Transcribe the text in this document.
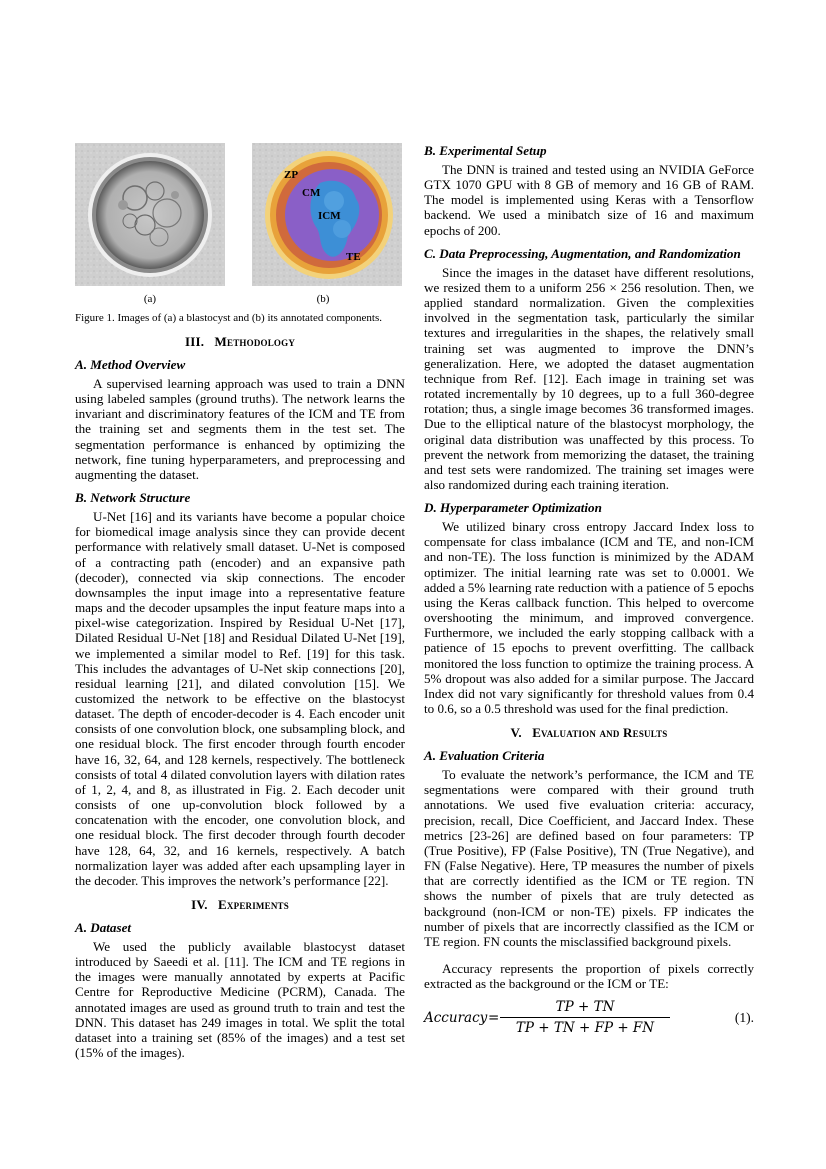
ZP
CM
ICM
TE
(a)	(b)

Figure 1. Images of (a) a blastocyst and (b) its annotated components.

III. Methodology
A. Method Overview

A supervised learning approach was used to train a DNN using labeled samples (ground truths). The network learns the invariant and discriminatory features of the ICM and TE from the training set and segments them in the test set. The segmentation performance is enhanced by optimizing the network, fine tuning hyperparameters, and preprocessing and augmenting the dataset.

B. Network Structure

U-Net [16] and its variants have become a popular choice for biomedical image analysis since they can provide decent performance with relatively small dataset. U-Net is composed of a contracting path (encoder) and an expansive path (decoder), connected via skip connections. The encoder downsamples the input image into a representative feature maps and the decoder upsamples the input feature maps into a pixel-wise categorization. Inspired by Residual U-Net [17], Dilated Residual U-Net [18] and Residual Dilated U-Net [19], we implemented a similar model to Ref. [19] for this task. This includes the advantages of U-Net skip connections [20], residual learning [21], and dilated convolution [15]. We customized the network to be effective on the blastocyst dataset. The depth of encoder-decoder is 4. Each encoder unit consists of one convolution block, one subsampling block, and one residual block. The first encoder through fourth encoder have 16, 32, 64, and 128 kernels, respectively. The bottleneck consists of total 4 dilated convolution layers with dilation rates of 1, 2, 4, and 8, as illustrated in Fig. 2. Each decoder unit consists of one up-convolution block followed by a concatenation with the encoder, one convolution block, and one residual block. The first decoder through fourth decoder have 128, 64, 32, and 16 kernels, respectively. A batch normalization layer was added after each upsampling layer in the decoder. This improves the network’s performance [22].

IV. Experiments
A. Dataset

We used the publicly available blastocyst dataset introduced by Saeedi et al. [11]. The ICM and TE regions in the images were manually annotated by experts at Pacific Centre for Reproductive Medicine (PCRM), Canada. The annotated images are used as ground truth to train and test the DNN. This dataset has 249 images in total. We split the total dataset into a training set (85% of the images) and a test set (15% of the images).

B. Experimental Setup

The DNN is trained and tested using an NVIDIA GeForce GTX 1070 GPU with 8 GB of memory and 16 GB of RAM. The model is implemented using Keras with a Tensorflow backend. We used a minibatch size of 16 and maximum epochs of 200.

C. Data Preprocessing, Augmentation, and Randomization

Since the images in the dataset have different resolutions, we resized them to a uniform 256 × 256 resolution. Then, we applied standard normalization. Given the complexities involved in the segmentation task, particularly the similar textures and irregularities in the shapes, the relatively small training set was augmented to improve the DNN’s generalization. Here, we adopted the dataset augmentation technique from Ref. [12]. Each image in training set was rotated incrementally by 10 degrees, up to a full 360-degree rotation; thus, a single image becomes 36 transformed images. Due to the elliptical nature of the blastocyst morphology, the original data distribution was unaffected by this process. To prevent the network from memorizing the dataset, the training and test sets were randomized. The training set images were also randomized during each training iteration.

D. Hyperparameter Optimization

We utilized binary cross entropy Jaccard Index loss to compensate for class imbalance (ICM and TE, and non-ICM and non-TE). The loss function is minimized by the ADAM optimizer. The initial learning rate was set to 0.0001. We added a 5% learning rate reduction with a patience of 5 epochs using the Keras callback function. This helped to overcome overshooting the minimum, and improved convergence. Furthermore, we included the early stopping callback with a patience of 15 epochs to prevent overfitting. The callback monitored the loss function to optimize the training process. A 5% dropout was also added for a similar purpose. The Jaccard Index did not vary significantly for threshold values from 0.4 to 0.6, so a 0.5 threshold was used for the final prediction.

V. Evaluation and Results
A. Evaluation Criteria

To evaluate the network’s performance, the ICM and TE segmentations were compared with their ground truth annotations. We used five evaluation criteria: accuracy, precision, recall, Dice Coefficient, and Jaccard Index. These metrics [23-26] are defined based on four parameters: TP (True Positive), FP (False Positive), TN (True Negative), and FN (False Negative). Here, TP measures the number of pixels that are correctly identified as the ICM or TE region. TN shows the number of pixels that are truly detected as background (non-ICM or non-TE) pixels. FP indicates the number of pixels that are incorrectly classified as the ICM or TE region. FN counts the misclassified background pixels.

Accuracy represents the proportion of pixels correctly extracted as the background or the ICM or TE:

Accuracy = $\frac{TP + TN}{TP + TN + FP + FN}$	(1).
